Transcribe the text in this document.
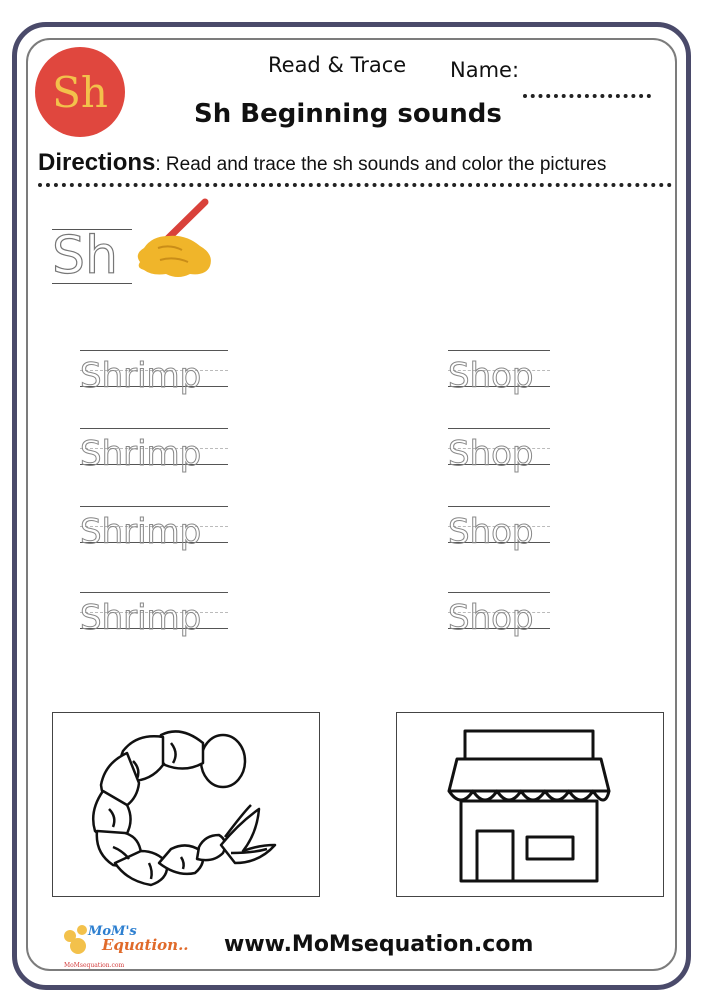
Sh
Read & Trace Name:
Sh Beginning sounds
Directions: Read and trace the sh sounds and color the pictures
Sh
Shrimp
Shrimp
Shrimp
Shrimp
Shop
Shop
Shop
Shop
MoM's
Equation..
MoMsequation.com
www.MoMsequation.com
